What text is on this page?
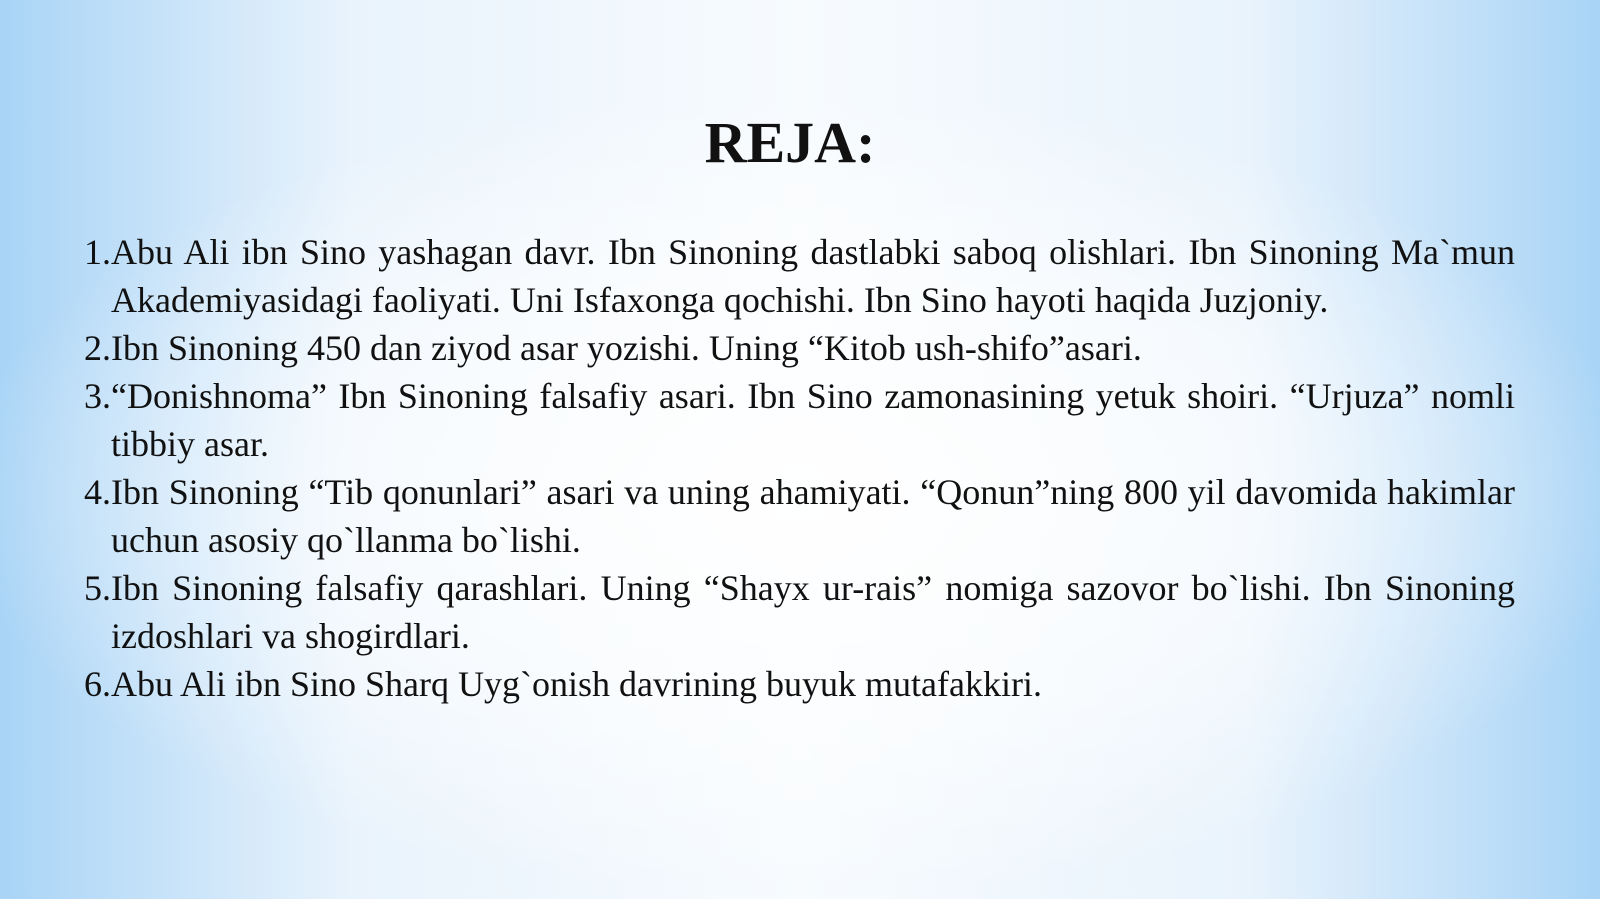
REJA:
1. Abu Ali ibn Sino yashagan davr. Ibn Sinoning dastlabki saboq olishlari. Ibn Sinoning Ma`mun Akademiyasidagi faoliyati. Uni Isfaxonga qochishi. Ibn Sino hayoti haqida Juzjoniy.
2. Ibn Sinoning 450 dan ziyod asar yozishi. Uning “Kitob ush-shifo”asari.
3. “Donishnoma” Ibn Sinoning falsafiy asari. Ibn Sino zamonasining yetuk shoiri. “Urjuza” nomli tibbiy asar.
4. Ibn Sinoning “Tib qonunlari” asari va uning ahamiyati. “Qonun”ning 800 yil davomida hakimlar uchun asosiy qo`llanma bo`lishi.
5. Ibn Sinoning falsafiy qarashlari. Uning “Shayx ur-rais” nomiga sazovor bo`lishi. Ibn Sinoning izdoshlari va shogirdlari.
6. Abu Ali ibn Sino Sharq Uyg`onish davrining buyuk mutafakkiri.
